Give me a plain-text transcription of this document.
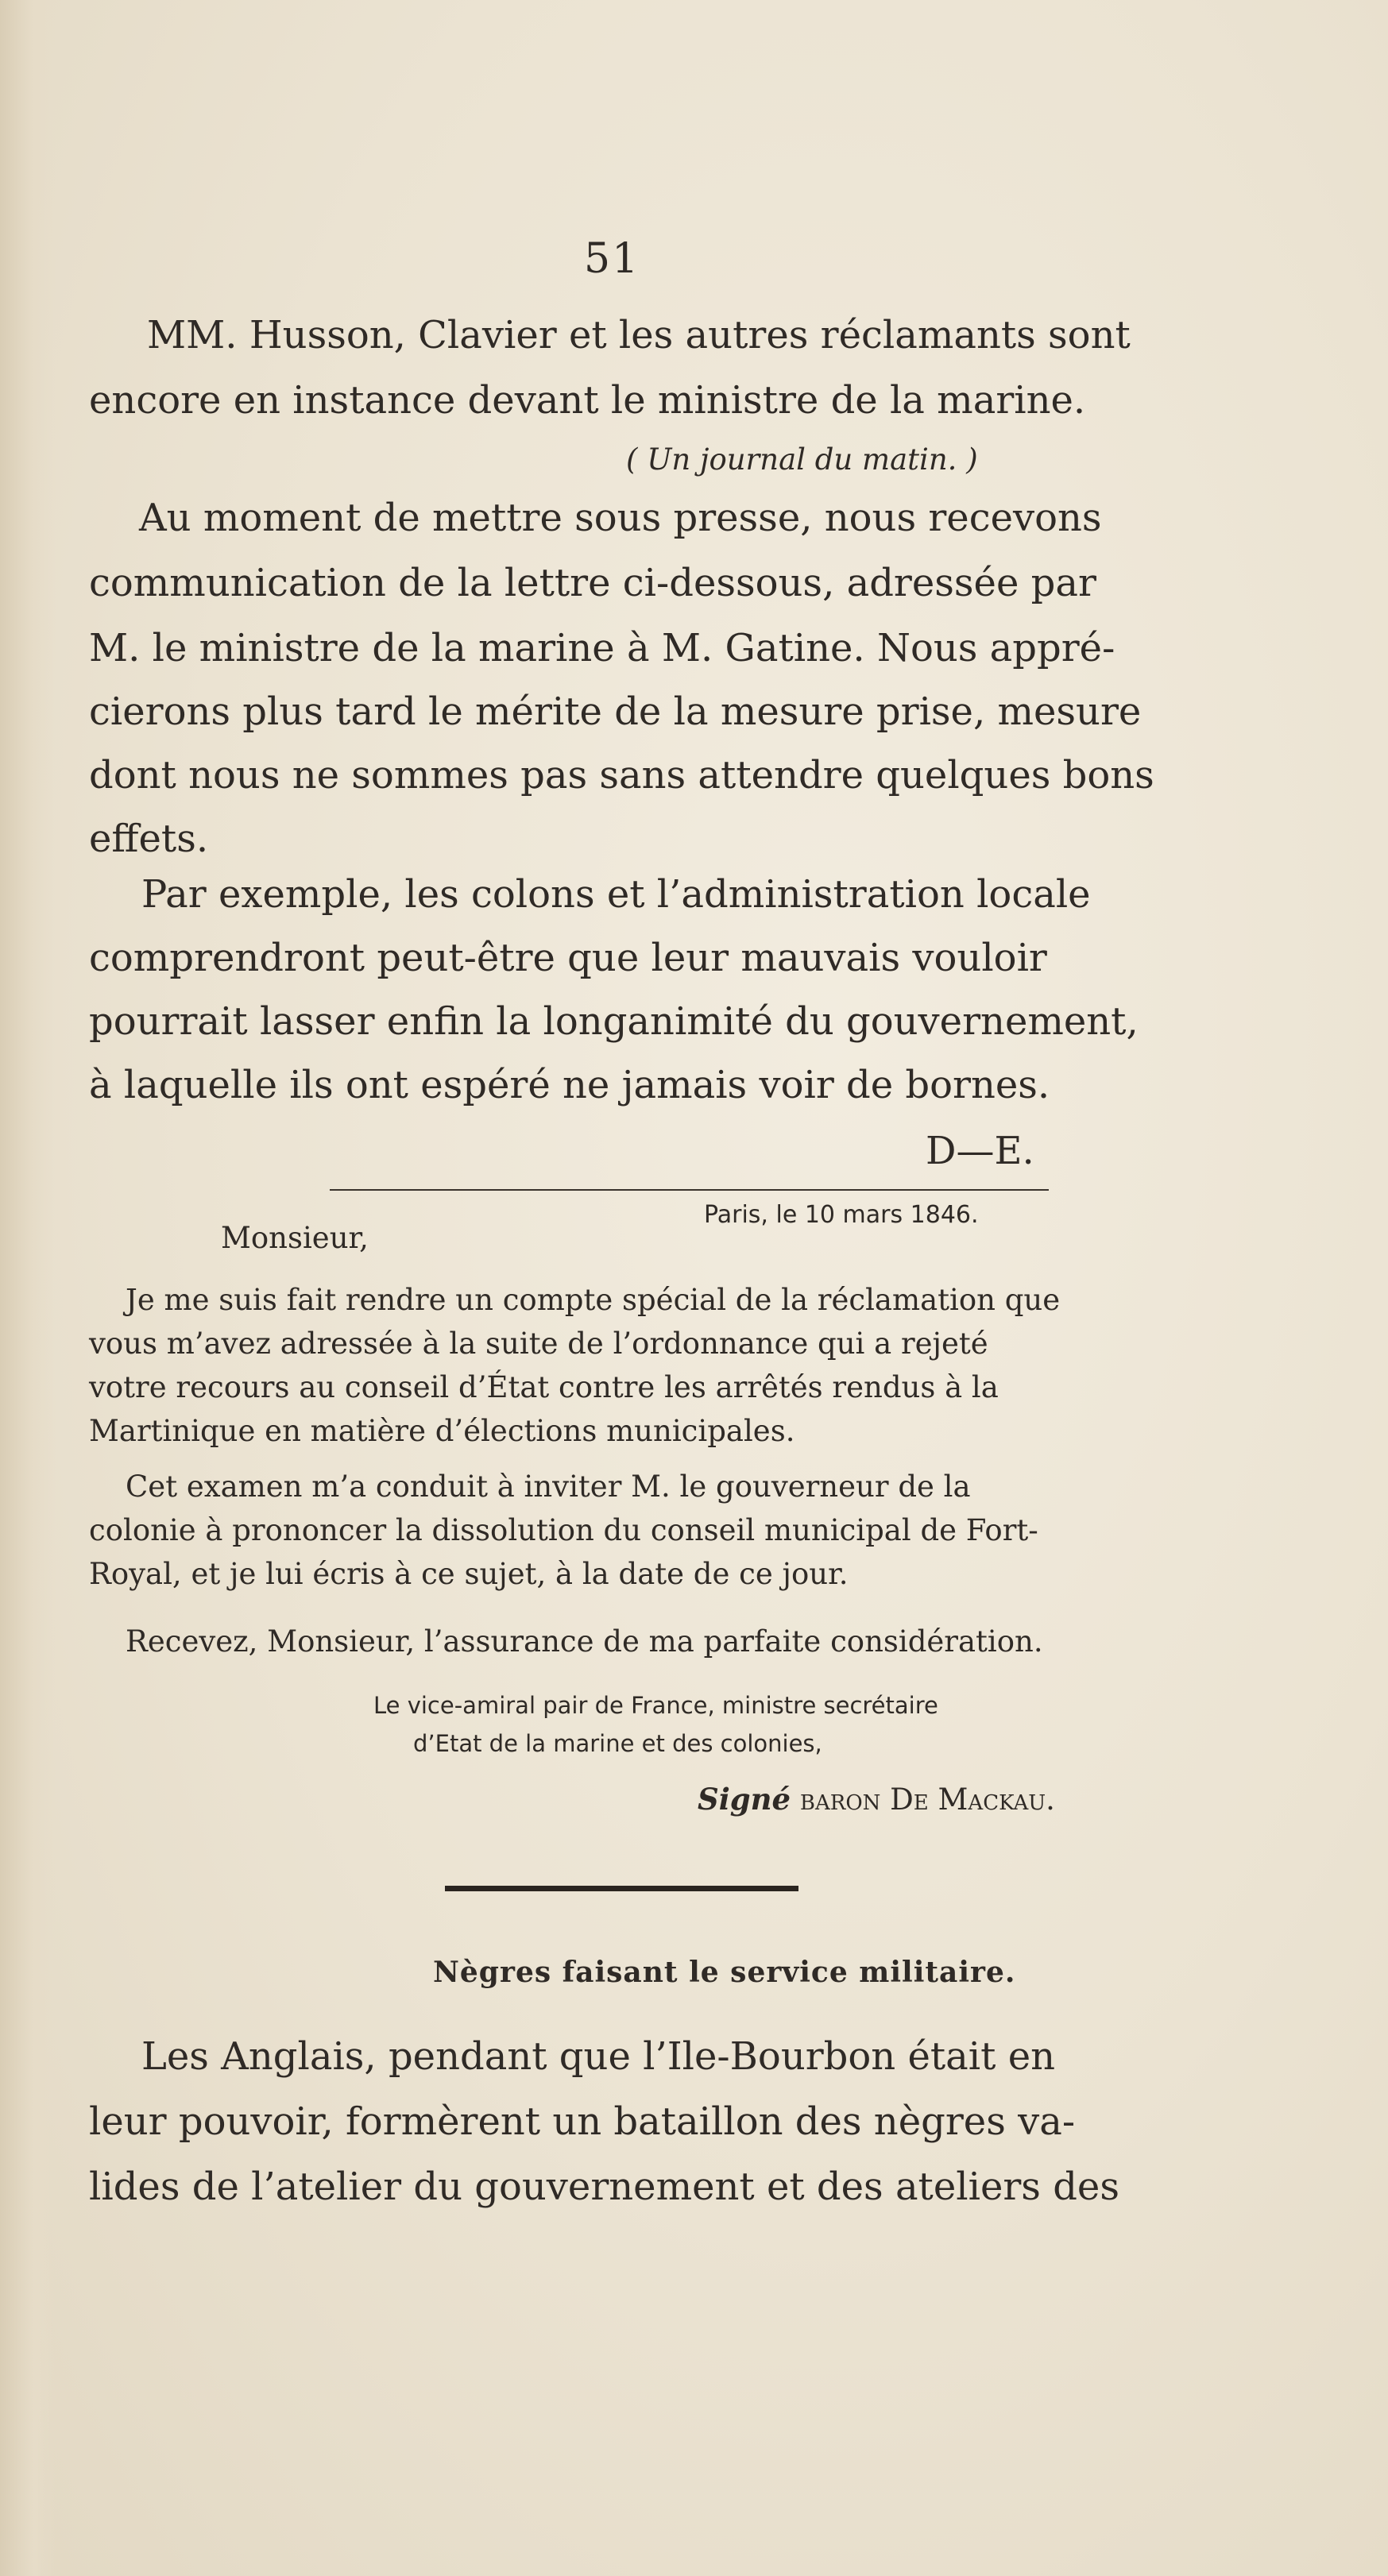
51
MM. Husson, Clavier et les autres réclamants sont
encore en instance devant le ministre de la marine.
( Un journal du matin. )
Au moment de mettre sous presse, nous recevons
communication de la lettre ci-dessous, adressée par
M. le ministre de la marine à M. Gatine. Nous appré-
cierons plus tard le mérite de la mesure prise, mesure
dont nous ne sommes pas sans attendre quelques bons
effets.
Par exemple, les colons et l’administration locale
comprendront peut-être que leur mauvais vouloir
pourrait lasser enfin la longanimité du gouvernement,
à laquelle ils ont espéré ne jamais voir de bornes.
D—E.
Paris, le 10 mars 1846.
Monsieur,
Je me suis fait rendre un compte spécial de la réclamation que
vous m’avez adressée à la suite de l’ordonnance qui a rejeté
votre recours au conseil d’État contre les arrêtés rendus à la
Martinique en matière d’élections municipales.
Cet examen m’a conduit à inviter M. le gouverneur de la
colonie à prononcer la dissolution du conseil municipal de Fort-
Royal, et je lui écris à ce sujet, à la date de ce jour.
Recevez, Monsieur, l’assurance de ma parfaite considération.
Le vice-amiral pair de France, ministre secrétaire
d’Etat de la marine et des colonies,
Signé baron De Mackau.
Nègres faisant le service militaire.
Les Anglais, pendant que l’Ile-Bourbon était en
leur pouvoir, formèrent un bataillon des nègres va-
lides de l’atelier du gouvernement et des ateliers des
